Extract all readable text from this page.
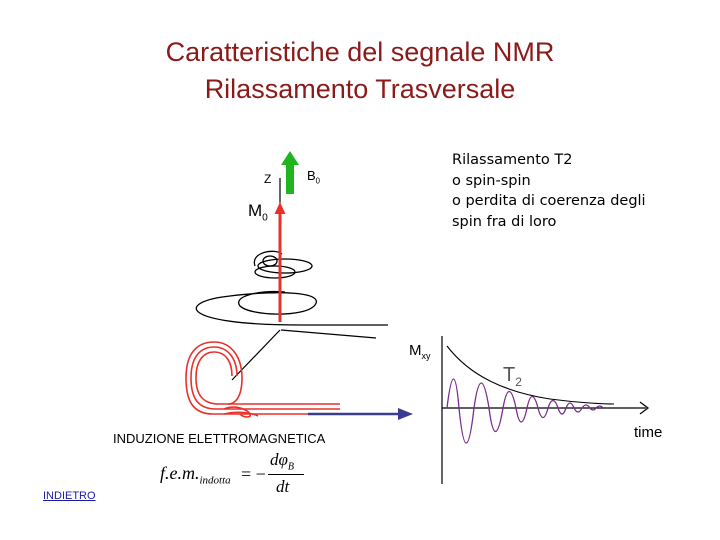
Caratteristiche del segnale NMR
Rilassamento Trasversale
Rilassamento T2
o spin-spin
o perdita di coerenza degli
spin fra di loro
Z	$B_0$
$M_0$
$M_{xy}$
$T_2$
time
INDUZIONE ELETTROMAGNETICA
$f.e.m._{indotta}$ = −
$d\varphi_B$
dt
INDIETRO
